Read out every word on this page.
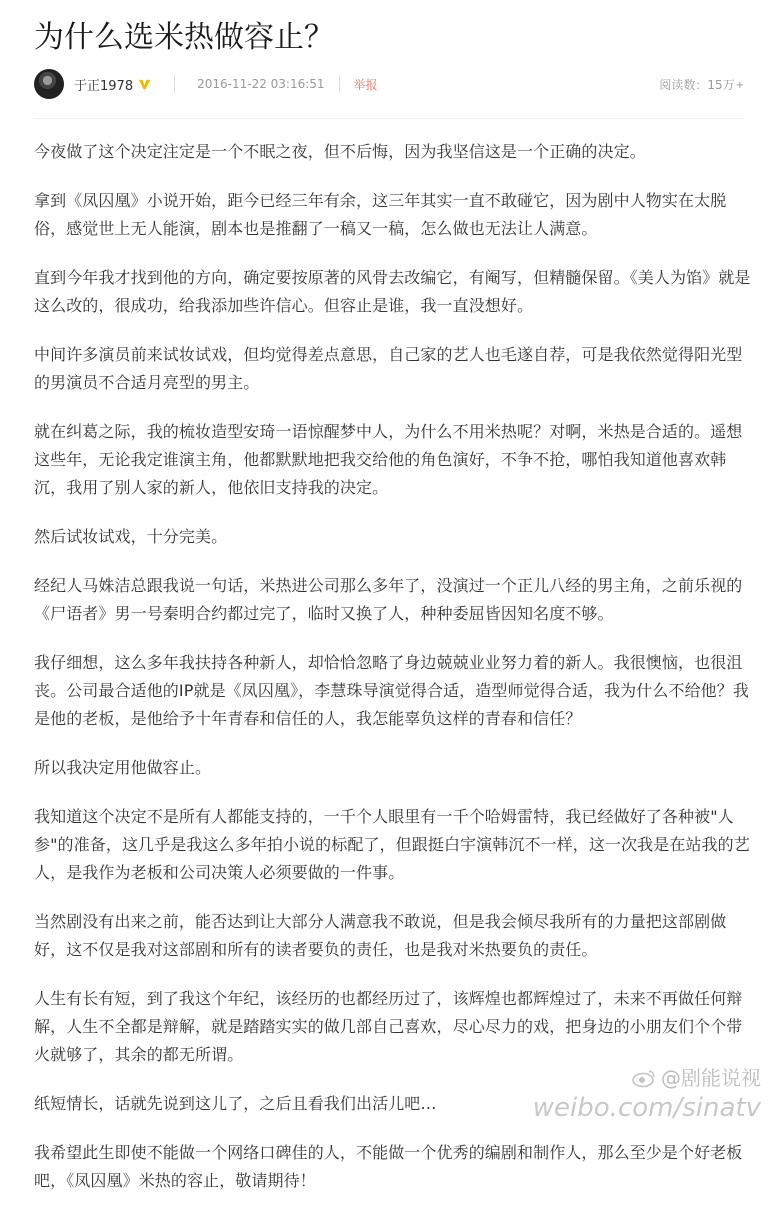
为什么选米热做容止？
于正1978	2016-11-22 03:16:51 举报	阅读数：15万+

今夜做了这个决定注定是一个不眠之夜，但不后悔，因为我坚信这是一个正确的决定。

拿到《凤囚凰》小说开始，距今已经三年有余，这三年其实一直不敢碰它，因为剧中人物实在太脱俗，感觉世上无人能演，剧本也是推翻了一稿又一稿，怎么做也无法让人满意。

直到今年我才找到他的方向，确定要按原著的风骨去改编它，有阉写，但精髓保留。《美人为馅》就是这么改的，很成功，给我添加些许信心。但容止是谁，我一直没想好。

中间许多演员前来试妆试戏，但均觉得差点意思，自己家的艺人也毛遂自荐，可是我依然觉得阳光型的男演员不合适月亮型的男主。

就在纠葛之际，我的梳妆造型安琦一语惊醒梦中人，为什么不用米热呢？对啊，米热是合适的。遥想这些年，无论我定谁演主角，他都默默地把我交给他的角色演好，不争不抢，哪怕我知道他喜欢韩沉，我用了别人家的新人，他依旧支持我的决定。

然后试妆试戏，十分完美。

经纪人马姝洁总跟我说一句话，米热进公司那么多年了，没演过一个正儿八经的男主角，之前乐视的《尸语者》男一号秦明合约都过完了，临时又换了人，种种委屈皆因知名度不够。

我仔细想，这么多年我扶持各种新人，却恰恰忽略了身边兢兢业业努力着的新人。我很懊恼，也很沮丧。公司最合适他的IP就是《凤囚凰》，李慧珠导演觉得合适，造型师觉得合适，我为什么不给他？我是他的老板，是他给予十年青春和信任的人，我怎能辜负这样的青春和信任？

所以我决定用他做容止。

我知道这个决定不是所有人都能支持的，一千个人眼里有一千个哈姆雷特，我已经做好了各种被"人参"的准备，这几乎是我这么多年拍小说的标配了，但跟挺白宇演韩沉不一样，这一次我是在站我的艺人，是我作为老板和公司决策人必须要做的一件事。

当然剧没有出来之前，能否达到让大部分人满意我不敢说，但是我会倾尽我所有的力量把这部剧做好，这不仅是我对这部剧和所有的读者要负的责任，也是我对米热要负的责任。

人生有长有短，到了我这个年纪，该经历的也都经历过了，该辉煌也都辉煌过了，未来不再做任何辩解，人生不全都是辩解，就是踏踏实实的做几部自己喜欢，尽心尽力的戏，把身边的小朋友们个个带火就够了，其余的都无所谓。

纸短情长，话就先说到这儿了，之后且看我们出活儿吧…

我希望此生即使不能做一个网络口碑佳的人，不能做一个优秀的编剧和制作人，那么至少是个好老板吧，《凤囚凰》米热的容止，敬请期待！

@剧能说视
weibo.com/sinatv
